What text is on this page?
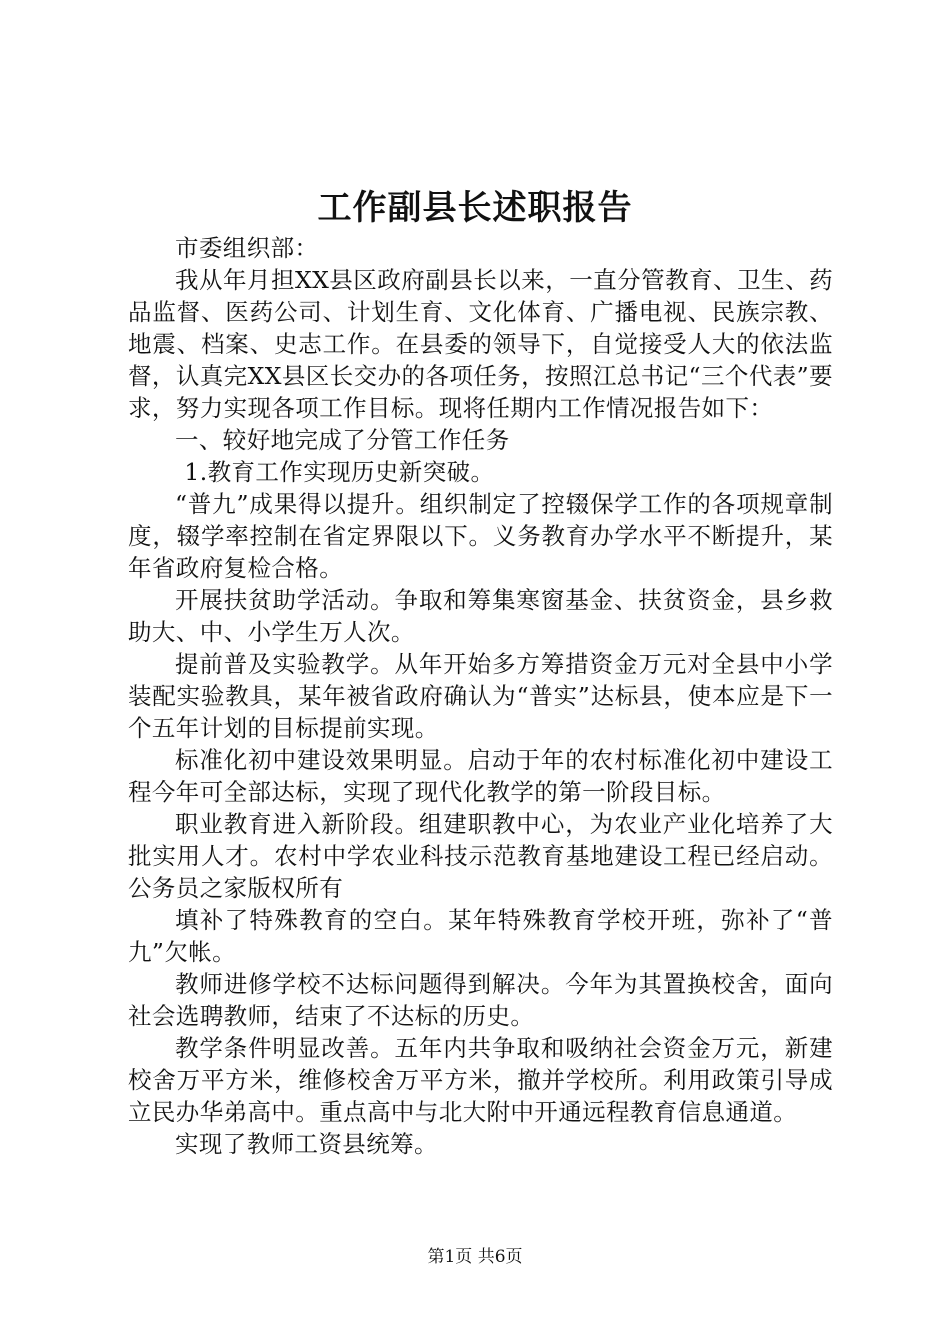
工作副县长述职报告

市委组织部：

我从年月担XX县区政府副县长以来，一直分管教育、卫生、药品监督、医药公司、计划生育、文化体育、广播电视、民族宗教、地震、档案、史志工作。在县委的领导下，自觉接受人大的依法监督，认真完XX县区长交办的各项任务，按照江总书记“三个代表”要求，努力实现各项工作目标。现将任期内工作情况报告如下：

一、较好地完成了分管工作任务

1.教育工作实现历史新突破。

“普九”成果得以提升。组织制定了控辍保学工作的各项规章制度，辍学率控制在省定界限以下。义务教育办学水平不断提升，某年省政府复检合格。

开展扶贫助学活动。争取和筹集寒窗基金、扶贫资金，县乡救助大、中、小学生万人次。

提前普及实验教学。从年开始多方筹措资金万元对全县中小学装配实验教具，某年被省政府确认为“普实”达标县，使本应是下一个五年计划的目标提前实现。

标准化初中建设效果明显。启动于年的农村标准化初中建设工程今年可全部达标，实现了现代化教学的第一阶段目标。

职业教育进入新阶段。组建职教中心，为农业产业化培养了大批实用人才。农村中学农业科技示范教育基地建设工程已经启动。公务员之家版权所有

填补了特殊教育的空白。某年特殊教育学校开班，弥补了“普九”欠帐。

教师进修学校不达标问题得到解决。今年为其置换校舍，面向社会选聘教师，结束了不达标的历史。

教学条件明显改善。五年内共争取和吸纳社会资金万元，新建校舍万平方米，维修校舍万平方米，撤并学校所。利用政策引导成立民办华弟高中。重点高中与北大附中开通远程教育信息通道。

实现了教师工资县统筹。

第1页 共6页
